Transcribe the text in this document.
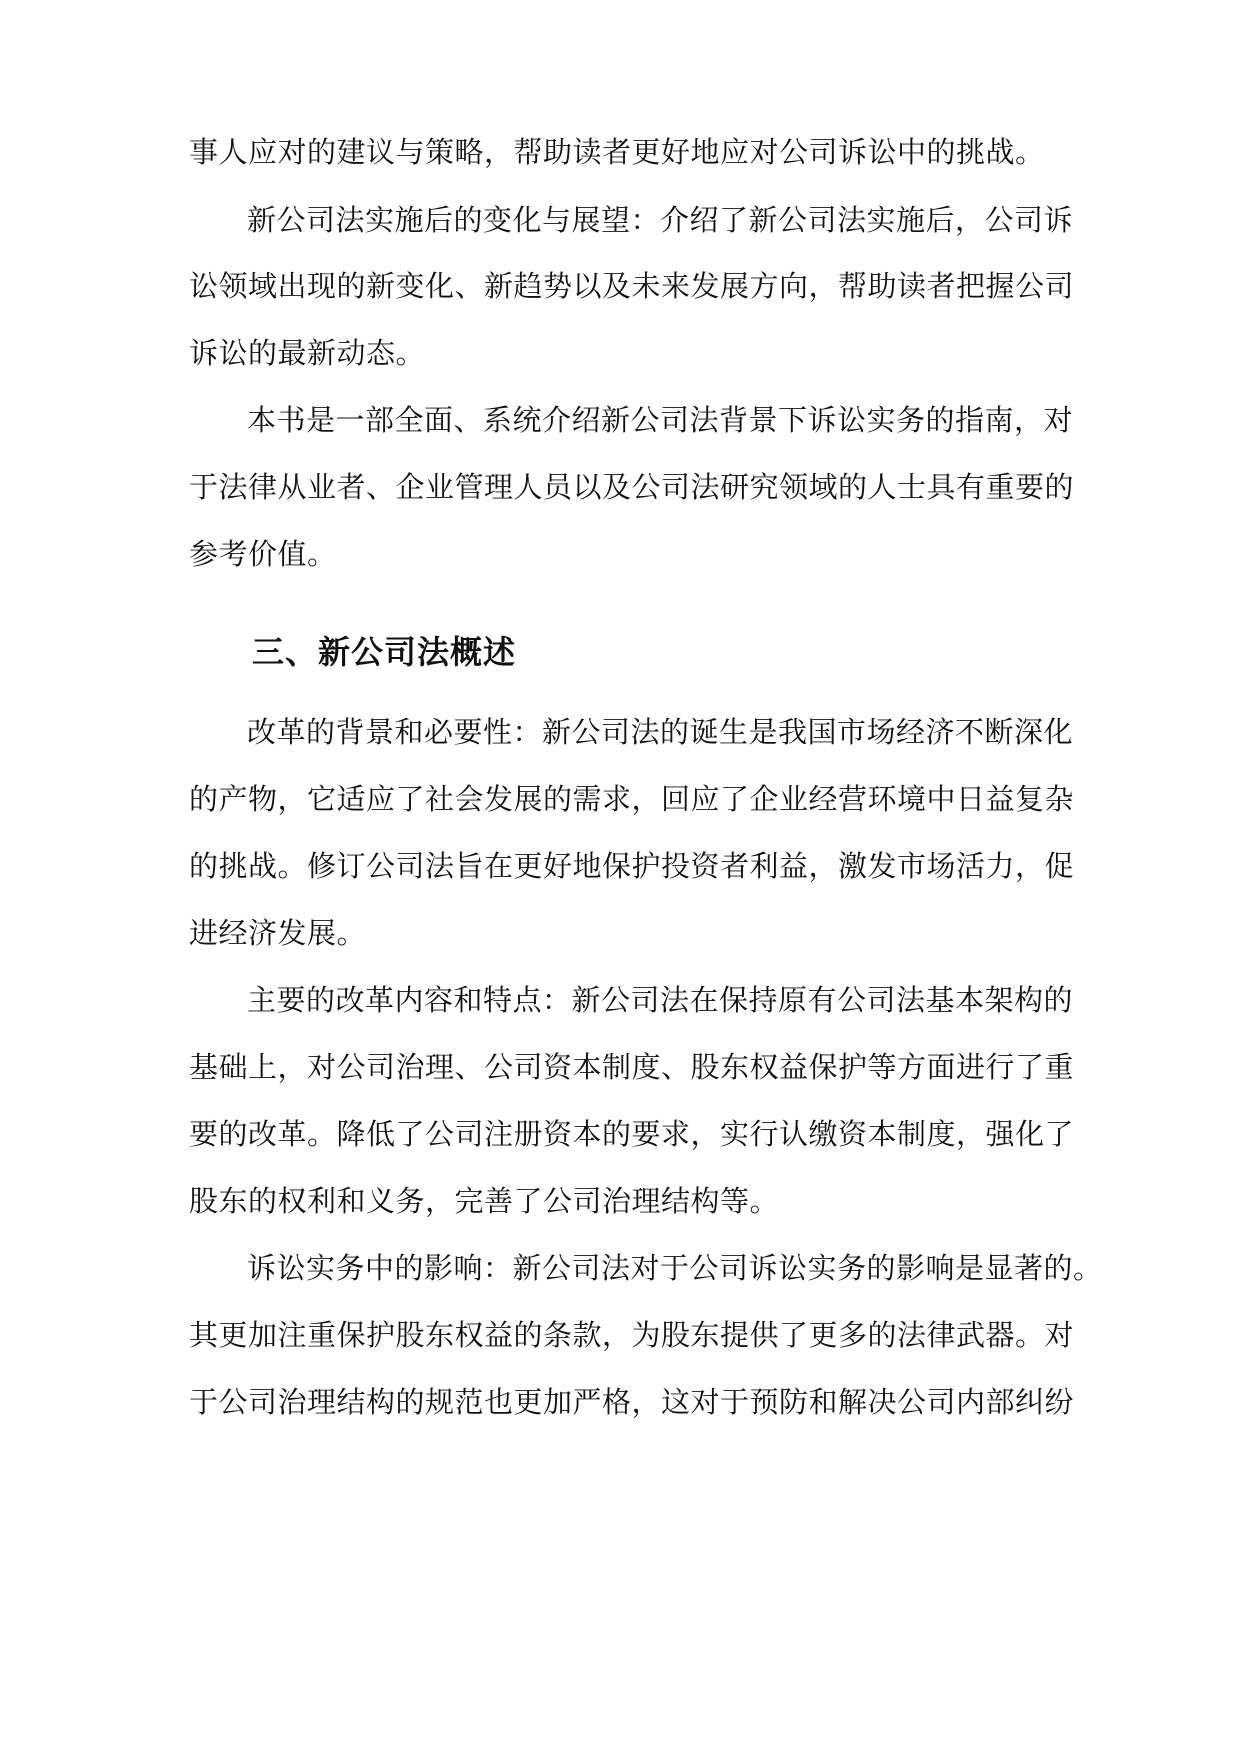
事人应对的建议与策略，帮助读者更好地应对公司诉讼中的挑战。

新公司法实施后的变化与展望：介绍了新公司法实施后，公司诉

讼领域出现的新变化、新趋势以及未来发展方向，帮助读者把握公司

诉讼的最新动态。

本书是一部全面、系统介绍新公司法背景下诉讼实务的指南，对

于法律从业者、企业管理人员以及公司法研究领域的人士具有重要的

参考价值。

三、新公司法概述

改革的背景和必要性：新公司法的诞生是我国市场经济不断深化

的产物，它适应了社会发展的需求，回应了企业经营环境中日益复杂

的挑战。修订公司法旨在更好地保护投资者利益，激发市场活力，促

进经济发展。

主要的改革内容和特点：新公司法在保持原有公司法基本架构的

基础上，对公司治理、公司资本制度、股东权益保护等方面进行了重

要的改革。降低了公司注册资本的要求，实行认缴资本制度，强化了

股东的权利和义务，完善了公司治理结构等。

诉讼实务中的影响：新公司法对于公司诉讼实务的影响是显著的。

其更加注重保护股东权益的条款，为股东提供了更多的法律武器。对

于公司治理结构的规范也更加严格，这对于预防和解决公司内部纠纷
